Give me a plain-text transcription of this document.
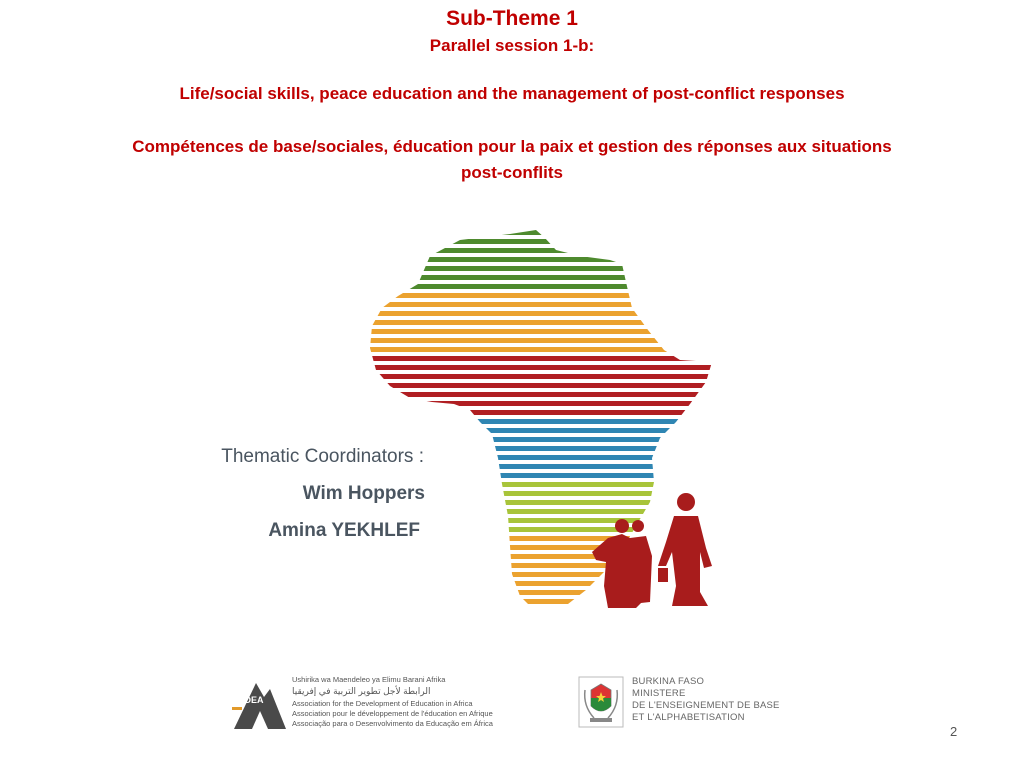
Sub-Theme 1

Parallel session 1-b:

Life/social skills, peace education and the management of post-conflict responses

Compétences de base/sociales, éducation pour la paix et gestion des réponses aux situations

post-conflits

Thematic Coordinators :
Wim Hoppers
Amina YEKHLEF
ADEA
Ushirika wa Maendeleo ya Elimu Barani Afrika
الرابطة لأجل تطوير التربية في إفريقيا
Association for the Development of Education in Africa
Association pour le développement de l'éducation en Afrique
Associação para o Desenvolvimento da Educação em África
BURKINA FASO
MINISTERE
DE L'ENSEIGNEMENT DE BASE
ET L'ALPHABETISATION
2
